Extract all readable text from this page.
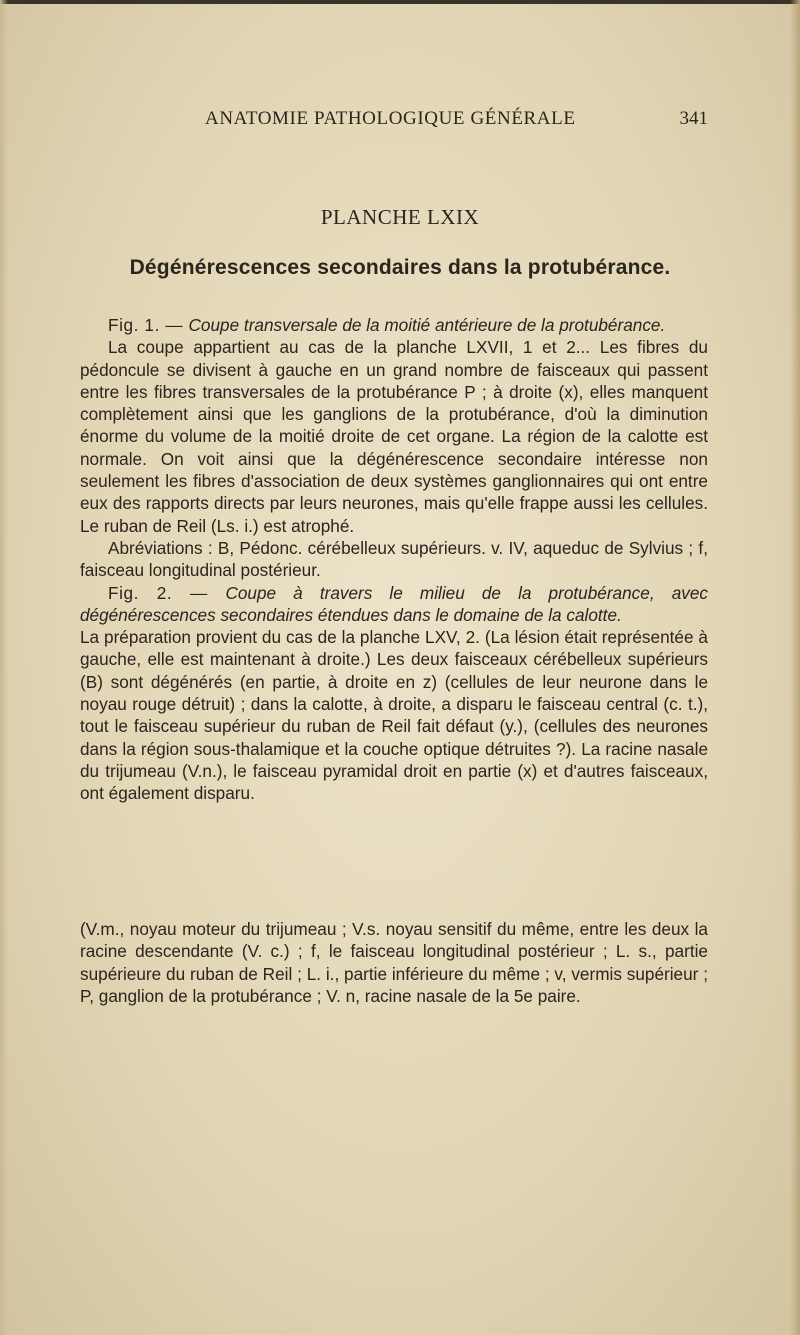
ANATOMIE PATHOLOGIQUE GÉNÉRALE	341
PLANCHE LXIX
Dégénérescences secondaires dans la protubérance.

Fig. 1. — Coupe transversale de la moitié antérieure de la protubérance.

La coupe appartient au cas de la planche LXVII, 1 et 2... Les fibres du pédoncule se divisent à gauche en un grand nombre de faisceaux qui passent entre les fibres transversales de la protubérance P ; à droite (x), elles manquent complètement ainsi que les ganglions de la protubérance, d'où la diminution énorme du volume de la moitié droite de cet organe. La région de la calotte est normale. On voit ainsi que la dégénérescence secondaire intéresse non seulement les fibres d'association de deux systèmes ganglionnaires qui ont entre eux des rapports directs par leurs neurones, mais qu'elle frappe aussi les cellules. Le ruban de Reil (Ls. i.) est atrophé.

Abréviations : B, Pédonc. cérébelleux supérieurs. v. IV, aqueduc de Sylvius ; f, faisceau longitudinal postérieur.

Fig. 2. — Coupe à travers le milieu de la protubérance, avec dégénérescences secondaires étendues dans le domaine de la calotte.

La préparation provient du cas de la planche LXV, 2. (La lésion était représentée à gauche, elle est maintenant à droite.) Les deux faisceaux cérébelleux supérieurs (B) sont dégénérés (en partie, à droite en z) (cellules de leur neurone dans le noyau rouge détruit) ; dans la calotte, à droite, a disparu le faisceau central (c. t.), tout le faisceau supérieur du ruban de Reil fait défaut (y.), (cellules des neurones dans la région sous-thalamique et la couche optique détruites ?). La racine nasale du trijumeau (V.n.), le faisceau pyramidal droit en partie (x) et d'autres faisceaux, ont également disparu.

(V.m., noyau moteur du trijumeau ; V.s. noyau sensitif du même, entre les deux la racine descendante (V. c.) ; f, le faisceau longitudinal postérieur ; L. s., partie supérieure du ruban de Reil ; L. i., partie inférieure du même ; v, vermis supérieur ; P, ganglion de la protubérance ; V. n, racine nasale de la 5e paire.
